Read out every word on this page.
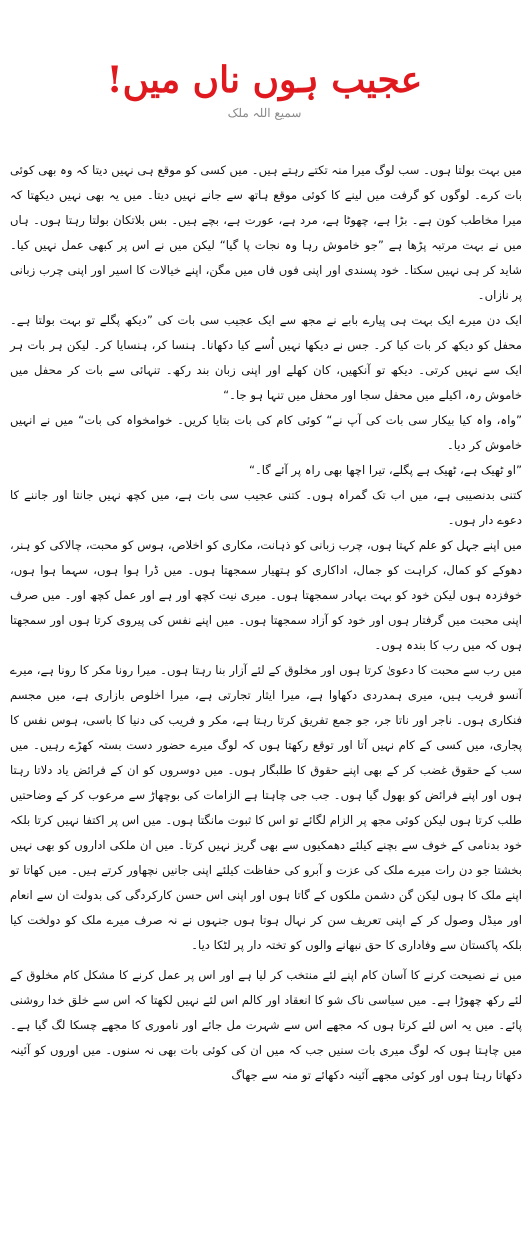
عجیب ہوں ناں میں!
سمیع اللہ ملک

میں بہت بولتا ہوں۔ سب لوگ میرا منہ تکتے رہتے ہیں۔ میں کسی کو موقع ہی نہیں دیتا کہ وہ بھی کوئی بات کرے۔ لوگوں کو گرفت میں لینے کا کوئی موقع ہاتھ سے جانے نہیں دیتا۔ میں یہ بھی نہیں دیکھتا کہ میرا مخاطب کون ہے۔ بڑا ہے، چھوٹا ہے، مرد ہے، عورت ہے، بچے ہیں۔ بس بلاتکان بولتا رہتا ہوں۔ ہاں میں نے بہت مرتبہ پڑھا ہے ”جو خاموش رہا وہ نجات پا گیا“ لیکن میں نے اس پر کبھی عمل نہیں کیا۔ شاید کر ہی نہیں سکتا۔ خود پسندی اور اپنی فوں فاں میں مگن، اپنے خیالات کا اسیر اور اپنی چرب زبانی پر نازاں۔

ایک دن میرے ایک بہت ہی پیارے بابے نے مجھ سے ایک عجیب سی بات کی ”دیکھ پگلے تو بہت بولتا ہے۔ محفل کو دیکھ کر بات کیا کر۔ جس نے دیکھا نہیں اُسے کیا دکھانا۔ ہنسا کر، ہنسایا کر۔ لیکن ہر بات ہر ایک سے نہیں کرتی۔ دیکھ تو آنکھیں، کان کھلے اور اپنی زبان بند رکھ۔ تنہائی سے بات کر محفل میں خاموش رہ، اکیلے میں محفل سجا اور محفل میں تنہا ہو جا۔“

”واہ، واہ کیا بیکار سی بات کی آپ نے“ کوئی کام کی بات بتایا کریں۔ خوامخواہ کی بات“ میں نے انہیں خاموش کر دیا۔

”او ٹھیک ہے، ٹھیک ہے پگلے، تیرا اچھا بھی راہ پر آئے گا۔“

کتنی بدنصیبی ہے، میں اب تک گمراہ ہوں۔ کتنی عجیب سی بات ہے، میں کچھ نہیں جانتا اور جاننے کا دعوے دار ہوں۔

میں اپنے جہل کو علم کہتا ہوں، چرب زبانی کو ذہانت، مکاری کو اخلاص، ہوس کو محبت، چالاکی کو ہنر، دھوکے کو کمال، کراہت کو جمال، اداکاری کو ہتھیار سمجھتا ہوں۔ میں ڈرا ہوا ہوں، سہما ہوا ہوں، خوفزدہ ہوں لیکن خود کو بہت بہادر سمجھتا ہوں۔ میری نیت کچھ اور ہے اور عمل کچھ اور۔ میں صرف اپنی محبت میں گرفتار ہوں اور خود کو آزاد سمجھتا ہوں۔ میں اپنے نفس کی پیروی کرتا ہوں اور سمجھتا ہوں کہ میں رب کا بندہ ہوں۔

میں رب سے محبت کا دعویٰ کرتا ہوں اور مخلوق کے لئے آزار بنا رہتا ہوں۔ میرا رونا مکر کا رونا ہے، میرے آنسو فریب ہیں، میری ہمدردی دکھاوا ہے، میرا ایثار تجارتی ہے، میرا اخلوص بازاری ہے، میں مجسم فنکاری ہوں۔ ناجر اور ناتا جر، جو جمع تفریق کرتا رہتا ہے، مکر و فریب کی دنیا کا باسی، ہوس نفس کا پجاری، میں کسی کے کام نہیں آتا اور توقع رکھتا ہوں کہ لوگ میرے حضور دست بستہ کھڑے رہیں۔ میں سب کے حقوق غضب کر کے بھی اپنے حقوق کا طلبگار ہوں۔ میں دوسروں کو ان کے فرائض یاد دلاتا رہتا ہوں اور اپنے فرائض کو بھول گیا ہوں۔ جب جی چاہتا ہے الزامات کی بوچھاڑ سے مرعوب کر کے وضاحتیں طلب کرتا ہوں لیکن کوئی مجھ پر الزام لگائے تو اس کا ثبوت مانگتا ہوں۔ میں اس پر اکتفا نہیں کرتا بلکہ خود بدنامی کے خوف سے بچنے کیلئے دھمکیوں سے بھی گریز نہیں کرتا۔ میں ان ملکی اداروں کو بھی نہیں بخشتا جو دن رات میرے ملک کی عزت و آبرو کی حفاظت کیلئے اپنی جانیں نچھاور کرتے ہیں۔ میں کھاتا تو اپنے ملک کا ہوں لیکن گن دشمن ملکوں کے گاتا ہوں اور اپنی اس حسن کارکردگی کی بدولت ان سے انعام اور میڈل وصول کر کے اپنی تعریف سن کر نہال ہوتا ہوں جنہوں نے نہ صرف میرے ملک کو دولخت کیا بلکہ پاکستان سے وفاداری کا حق نبھانے والوں کو تختہ دار پر لٹکا دیا۔

میں نے نصیحت کرنے کا آسان کام اپنے لئے منتخب کر لیا ہے اور اس پر عمل کرنے کا مشکل کام مخلوق کے لئے رکھ چھوڑا ہے۔ میں سیاسی ناک شو کا انعقاد اور کالم اس لئے نہیں لکھتا کہ اس سے خلق خدا روشنی پائے۔ میں یہ اس لئے کرتا ہوں کہ مجھے اس سے شہرت مل جائے اور ناموری کا مجھے چسکا لگ گیا ہے۔ میں چاہتا ہوں کہ لوگ میری بات سنیں جب کہ میں ان کی کوئی بات بھی نہ سنوں۔ میں اوروں کو آئینہ دکھاتا رہتا ہوں اور کوئی مجھے آئینہ دکھائے تو منہ سے جھاگ
